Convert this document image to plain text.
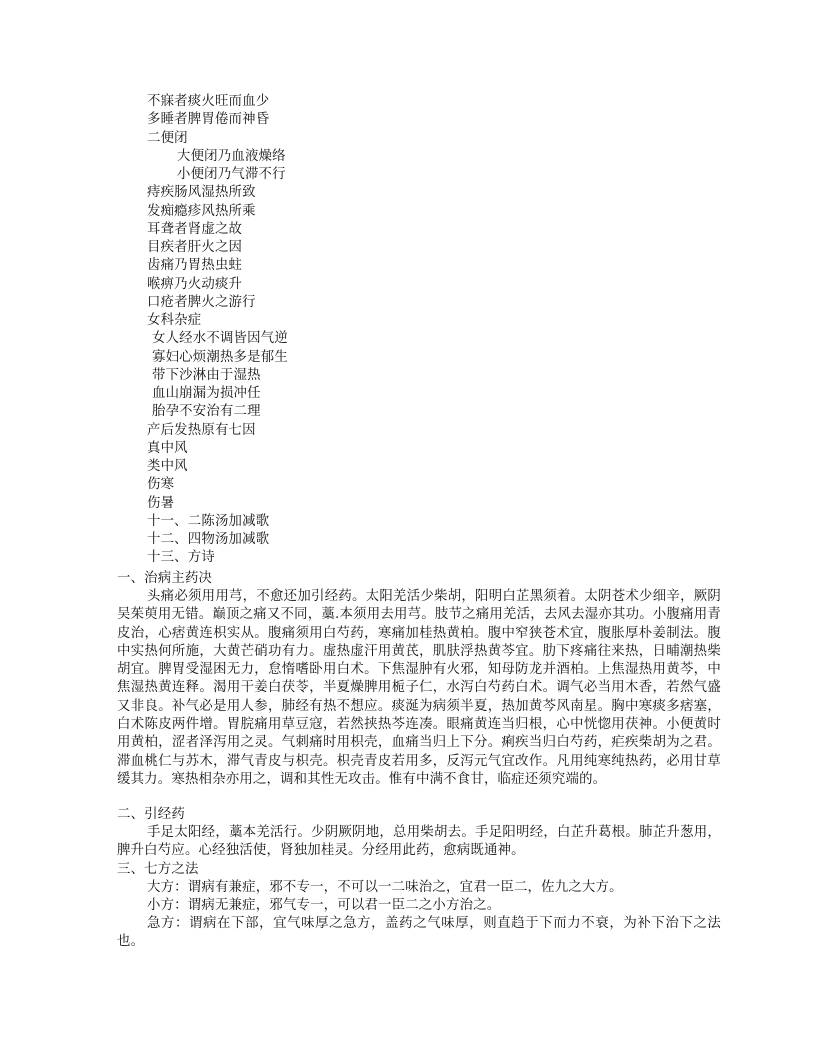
不寐者痰火旺而血少
多睡者脾胃倦而神昏
二便闭
大便闭乃血液燥络
小便闭乃气滞不行
痔疾肠风湿热所致
发痴瘾疹风热所乘
耳聋者肾虚之故
目疾者肝火之因
齿痛乃胃热虫蛀
喉痹乃火动痰升
口疮者脾火之游行
女科杂症
女人经水不调皆因气逆
寡妇心烦潮热多是郁生
带下沙淋由于湿热
血山崩漏为损冲任
胎孕不安治有二理
产后发热原有七因
真中风
类中风
伤寒
伤暑
十一、二陈汤加减歌
十二、四物汤加减歌
十三、方诗
一、治病主药决
头痛必须用用芎，不愈还加引经药。太阳羌活少柴胡，阳明白芷黑须着。太阴苍术少细辛，厥阴吴茱萸用无错。巅顶之痛又不同，藁.本须用去用芎。肢节之痛用羌活，去风去湿亦其功。小腹痛用青皮治，心痞黄连枳实从。腹痛须用白芍药，寒痛加桂热黄柏。腹中窄狭苍术宜，腹胀厚朴姜制法。腹中实热何所施，大黄芒硝功有力。虚热虚汗用黄芪，肌肤浮热黄芩宜。肋下疼痛往来热，日晡潮热柴胡宜。脾胃受湿困无力，怠惰嗜卧用白术。下焦湿肿有火邪，知母防龙并酒柏。上焦湿热用黄芩，中焦湿热黄连释。渴用干姜白茯苓，半夏燥脾用栀子仁，水泻白芍药白术。调气必当用木香，若然气盛又非良。补气必是用人参，肺经有热不想应。痰涎为病须半夏，热加黄芩风南星。胸中寒痰多痞塞，白术陈皮两件增。胃脘痛用草豆寇，若然挟热芩连凑。眼痛黄连当归根，心中恍惚用茯神。小便黄时用黄柏，涩者泽泻用之灵。气刺痛时用枳壳，血痛当归上下分。痢疾当归白芍药，疟疾柴胡为之君。滞血桃仁与苏木，滞气青皮与枳壳。枳壳青皮若用多，反泻元气宜改作。凡用纯寒纯热药，必用甘草缓其力。寒热相杂亦用之，调和其性无攻击。惟有中满不食甘，临症还须究端的。
二、引经药
手足太阳经，藁本羌活行。少阴厥阴地，总用柴胡去。手足阳明经，白芷升葛根。肺芷升葱用，脾升白芍应。心经独活使，肾独加桂灵。分经用此药，愈病既通神。
三、七方之法
大方：谓病有兼症，邪不专一，不可以一二味治之，宜君一臣二，佐九之大方。
小方：谓病无兼症，邪气专一，可以君一臣二之小方治之。
急方：谓病在下部，宜气味厚之急方，盖药之气味厚，则直趋于下而力不衰，为补下治下之法也。
